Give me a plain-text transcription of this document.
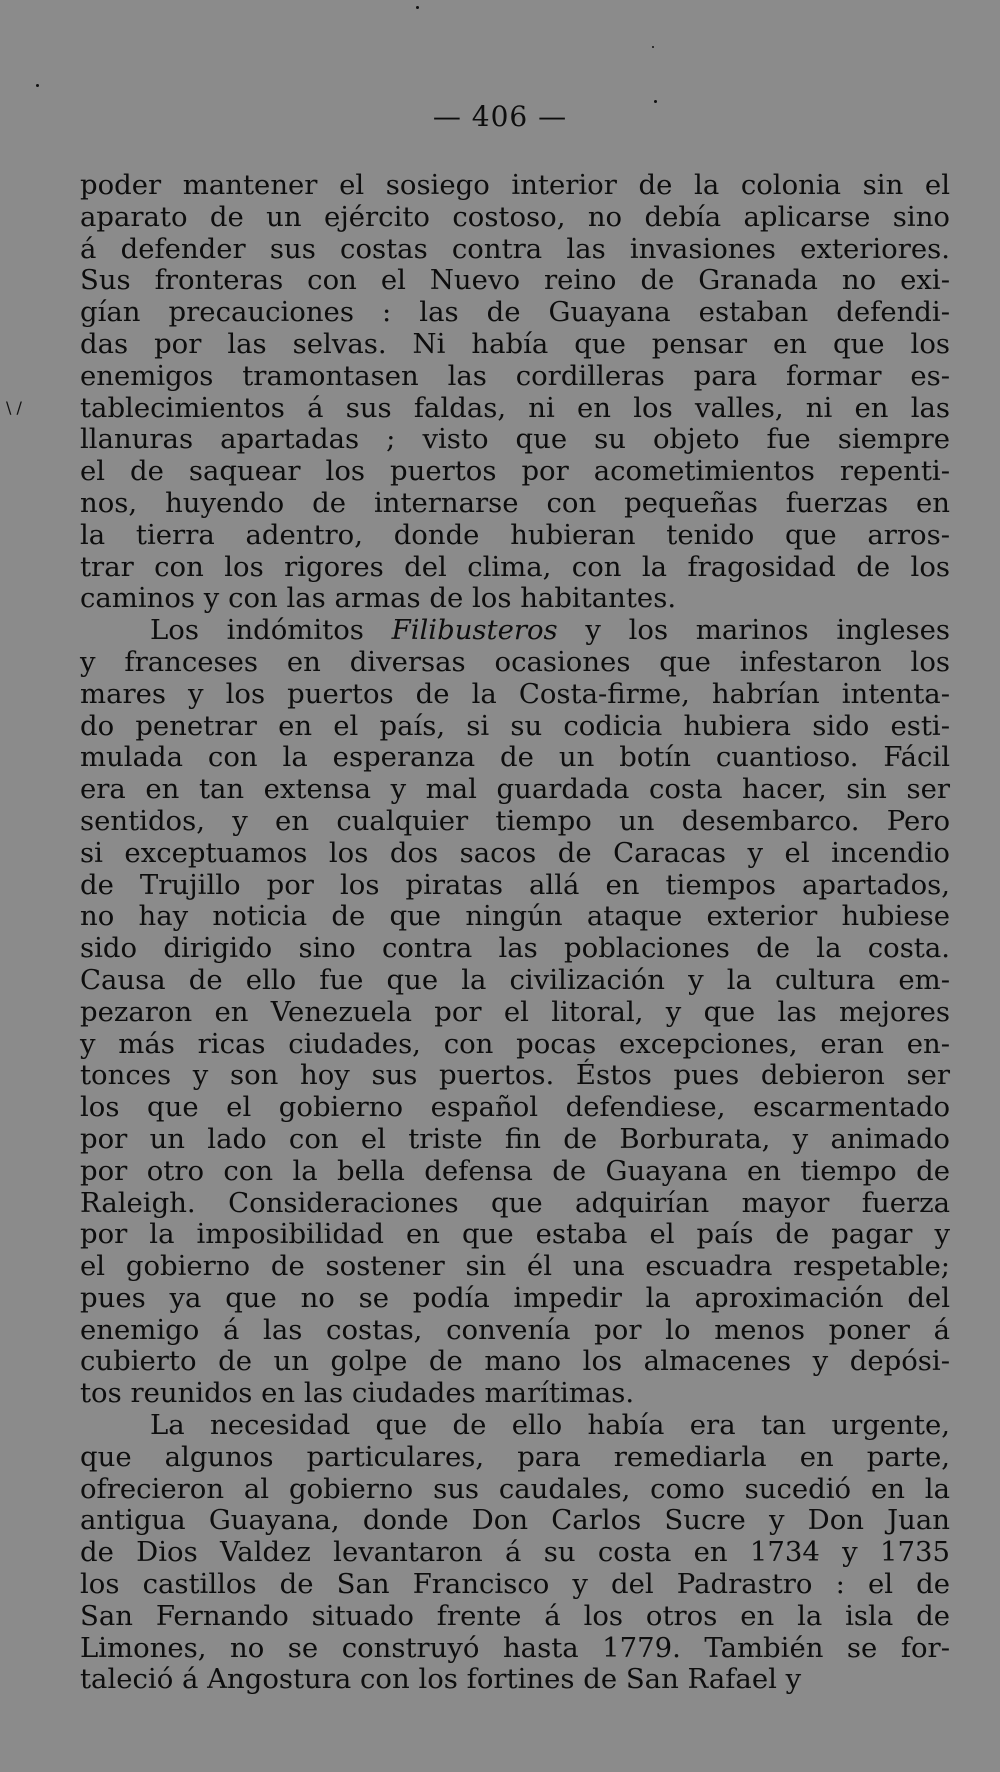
\ /
— 406 —
poder mantener el sosiego interior de la colonia sin el
aparato de un ejército costoso, no debía aplicarse sino
á defender sus costas contra las invasiones exteriores.
Sus fronteras con el Nuevo reino de Granada no exi-
gían precauciones : las de Guayana estaban defendi-
das por las selvas. Ni había que pensar en que los
enemigos tramontasen las cordilleras para formar es-
tablecimientos á sus faldas, ni en los valles, ni en las
llanuras apartadas ; visto que su objeto fue siempre
el de saquear los puertos por acometimientos repenti-
nos, huyendo de internarse con pequeñas fuerzas en
la tierra adentro, donde hubieran tenido que arros-
trar con los rigores del clima, con la fragosidad de los
caminos y con las armas de los habitantes.
Los indómitos Filibusteros y los marinos ingleses
y franceses en diversas ocasiones que infestaron los
mares y los puertos de la Costa-firme, habrían intenta-
do penetrar en el país, si su codicia hubiera sido esti-
mulada con la esperanza de un botín cuantioso. Fácil
era en tan extensa y mal guardada costa hacer, sin ser
sentidos, y en cualquier tiempo un desembarco. Pero
si exceptuamos los dos sacos de Caracas y el incendio
de Trujillo por los piratas allá en tiempos apartados,
no hay noticia de que ningún ataque exterior hubiese
sido dirigido sino contra las poblaciones de la costa.
Causa de ello fue que la civilización y la cultura em-
pezaron en Venezuela por el litoral, y que las mejores
y más ricas ciudades, con pocas excepciones, eran en-
tonces y son hoy sus puertos. Éstos pues debieron ser
los que el gobierno español defendiese, escarmentado
por un lado con el triste fin de Borburata, y animado
por otro con la bella defensa de Guayana en tiempo de
Raleigh. Consideraciones que adquirían mayor fuerza
por la imposibilidad en que estaba el país de pagar y
el gobierno de sostener sin él una escuadra respetable;
pues ya que no se podía impedir la aproximación del
enemigo á las costas, convenía por lo menos poner á
cubierto de un golpe de mano los almacenes y depósi-
tos reunidos en las ciudades marítimas.
La necesidad que de ello había era tan urgente,
que algunos particulares, para remediarla en parte,
ofrecieron al gobierno sus caudales, como sucedió en la
antigua Guayana, donde Don Carlos Sucre y Don Juan
de Dios Valdez levantaron á su costa en 1734 y 1735
los castillos de San Francisco y del Padrastro : el de
San Fernando situado frente á los otros en la isla de
Limones, no se construyó hasta 1779. También se for-
taleció á Angostura con los fortines de San Rafael y
